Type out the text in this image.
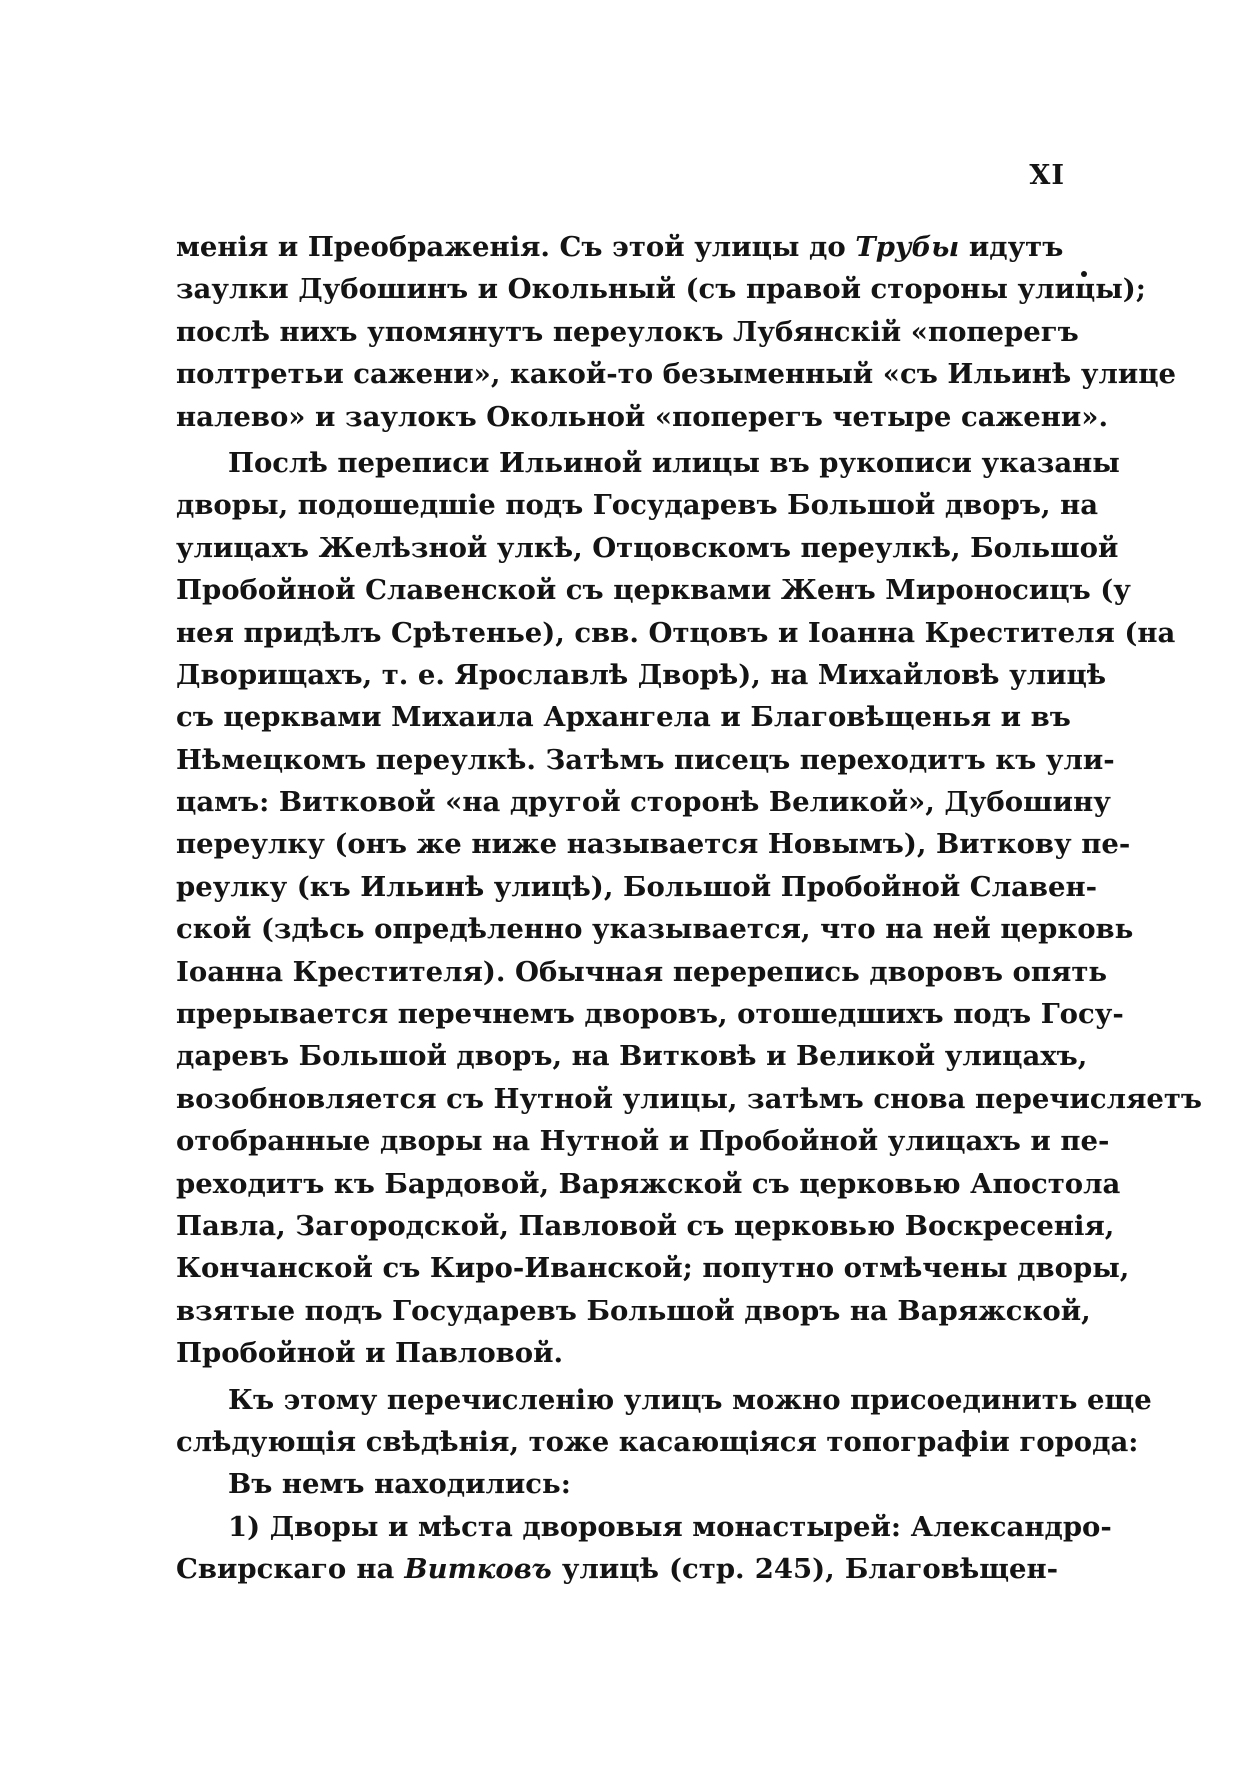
XI
менія и Преображенія. Съ этой улицы до Трубы идутъ
заулки Дубошинъ и Окольный (съ правой стороны улицы);
послѣ нихъ упомянутъ переулокъ Лубянскій «поперегъ
полтретьи сажени», какой-то безыменный «съ Ильинѣ улице
налево» и заулокъ Окольной «поперегъ четыре сажени».
Послѣ переписи Ильиной илицы въ рукописи указаны
дворы, подошедшіе подъ Государевъ Большой дворъ, на
улицахъ Желѣзной улкѣ, Отцовскомъ переулкѣ, Большой
Пробойной Славенской съ церквами Женъ Мироносицъ (у
нея придѣлъ Срѣтенье), свв. Отцовъ и Іоанна Крестителя (на
Дворищахъ, т. е. Ярославлѣ Дворѣ), на Михайловѣ улицѣ
съ церквами Михаила Архангела и Благовѣщенья и въ
Нѣмецкомъ переулкѣ. Затѣмъ писецъ переходитъ къ ули-
цамъ: Витковой «на другой сторонѣ Великой», Дубошину
переулку (онъ же ниже называется Новымъ), Виткову пе-
реулку (къ Ильинѣ улицѣ), Большой Пробойной Славен-
ской (здѣсь опредѣленно указывается, что на ней церковь
Іоанна Крестителя). Обычная перерепись дворовъ опять
прерывается перечнемъ дворовъ, отошедшихъ подъ Госу-
даревъ Большой дворъ, на Витковѣ и Великой улицахъ,
возобновляется съ Нутной улицы, затѣмъ снова перечисляетъ
отобранные дворы на Нутной и Пробойной улицахъ и пе-
реходитъ къ Бардовой, Варяжской съ церковью Апостола
Павла, Загородской, Павловой съ церковью Воскресенія,
Кончанской съ Киро-Иванской; попутно отмѣчены дворы,
взятые подъ Государевъ Большой дворъ на Варяжской,
Пробойной и Павловой.
Къ этому перечисленію улицъ можно присоединить еще
слѣдующія свѣдѣнія, тоже касающіяся топографіи города:
Въ немъ находились:
1) Дворы и мѣста дворовыя монастырей: Александро-
Свирскаго на Витковъ улицѣ (стр. 245), Благовѣщен-
